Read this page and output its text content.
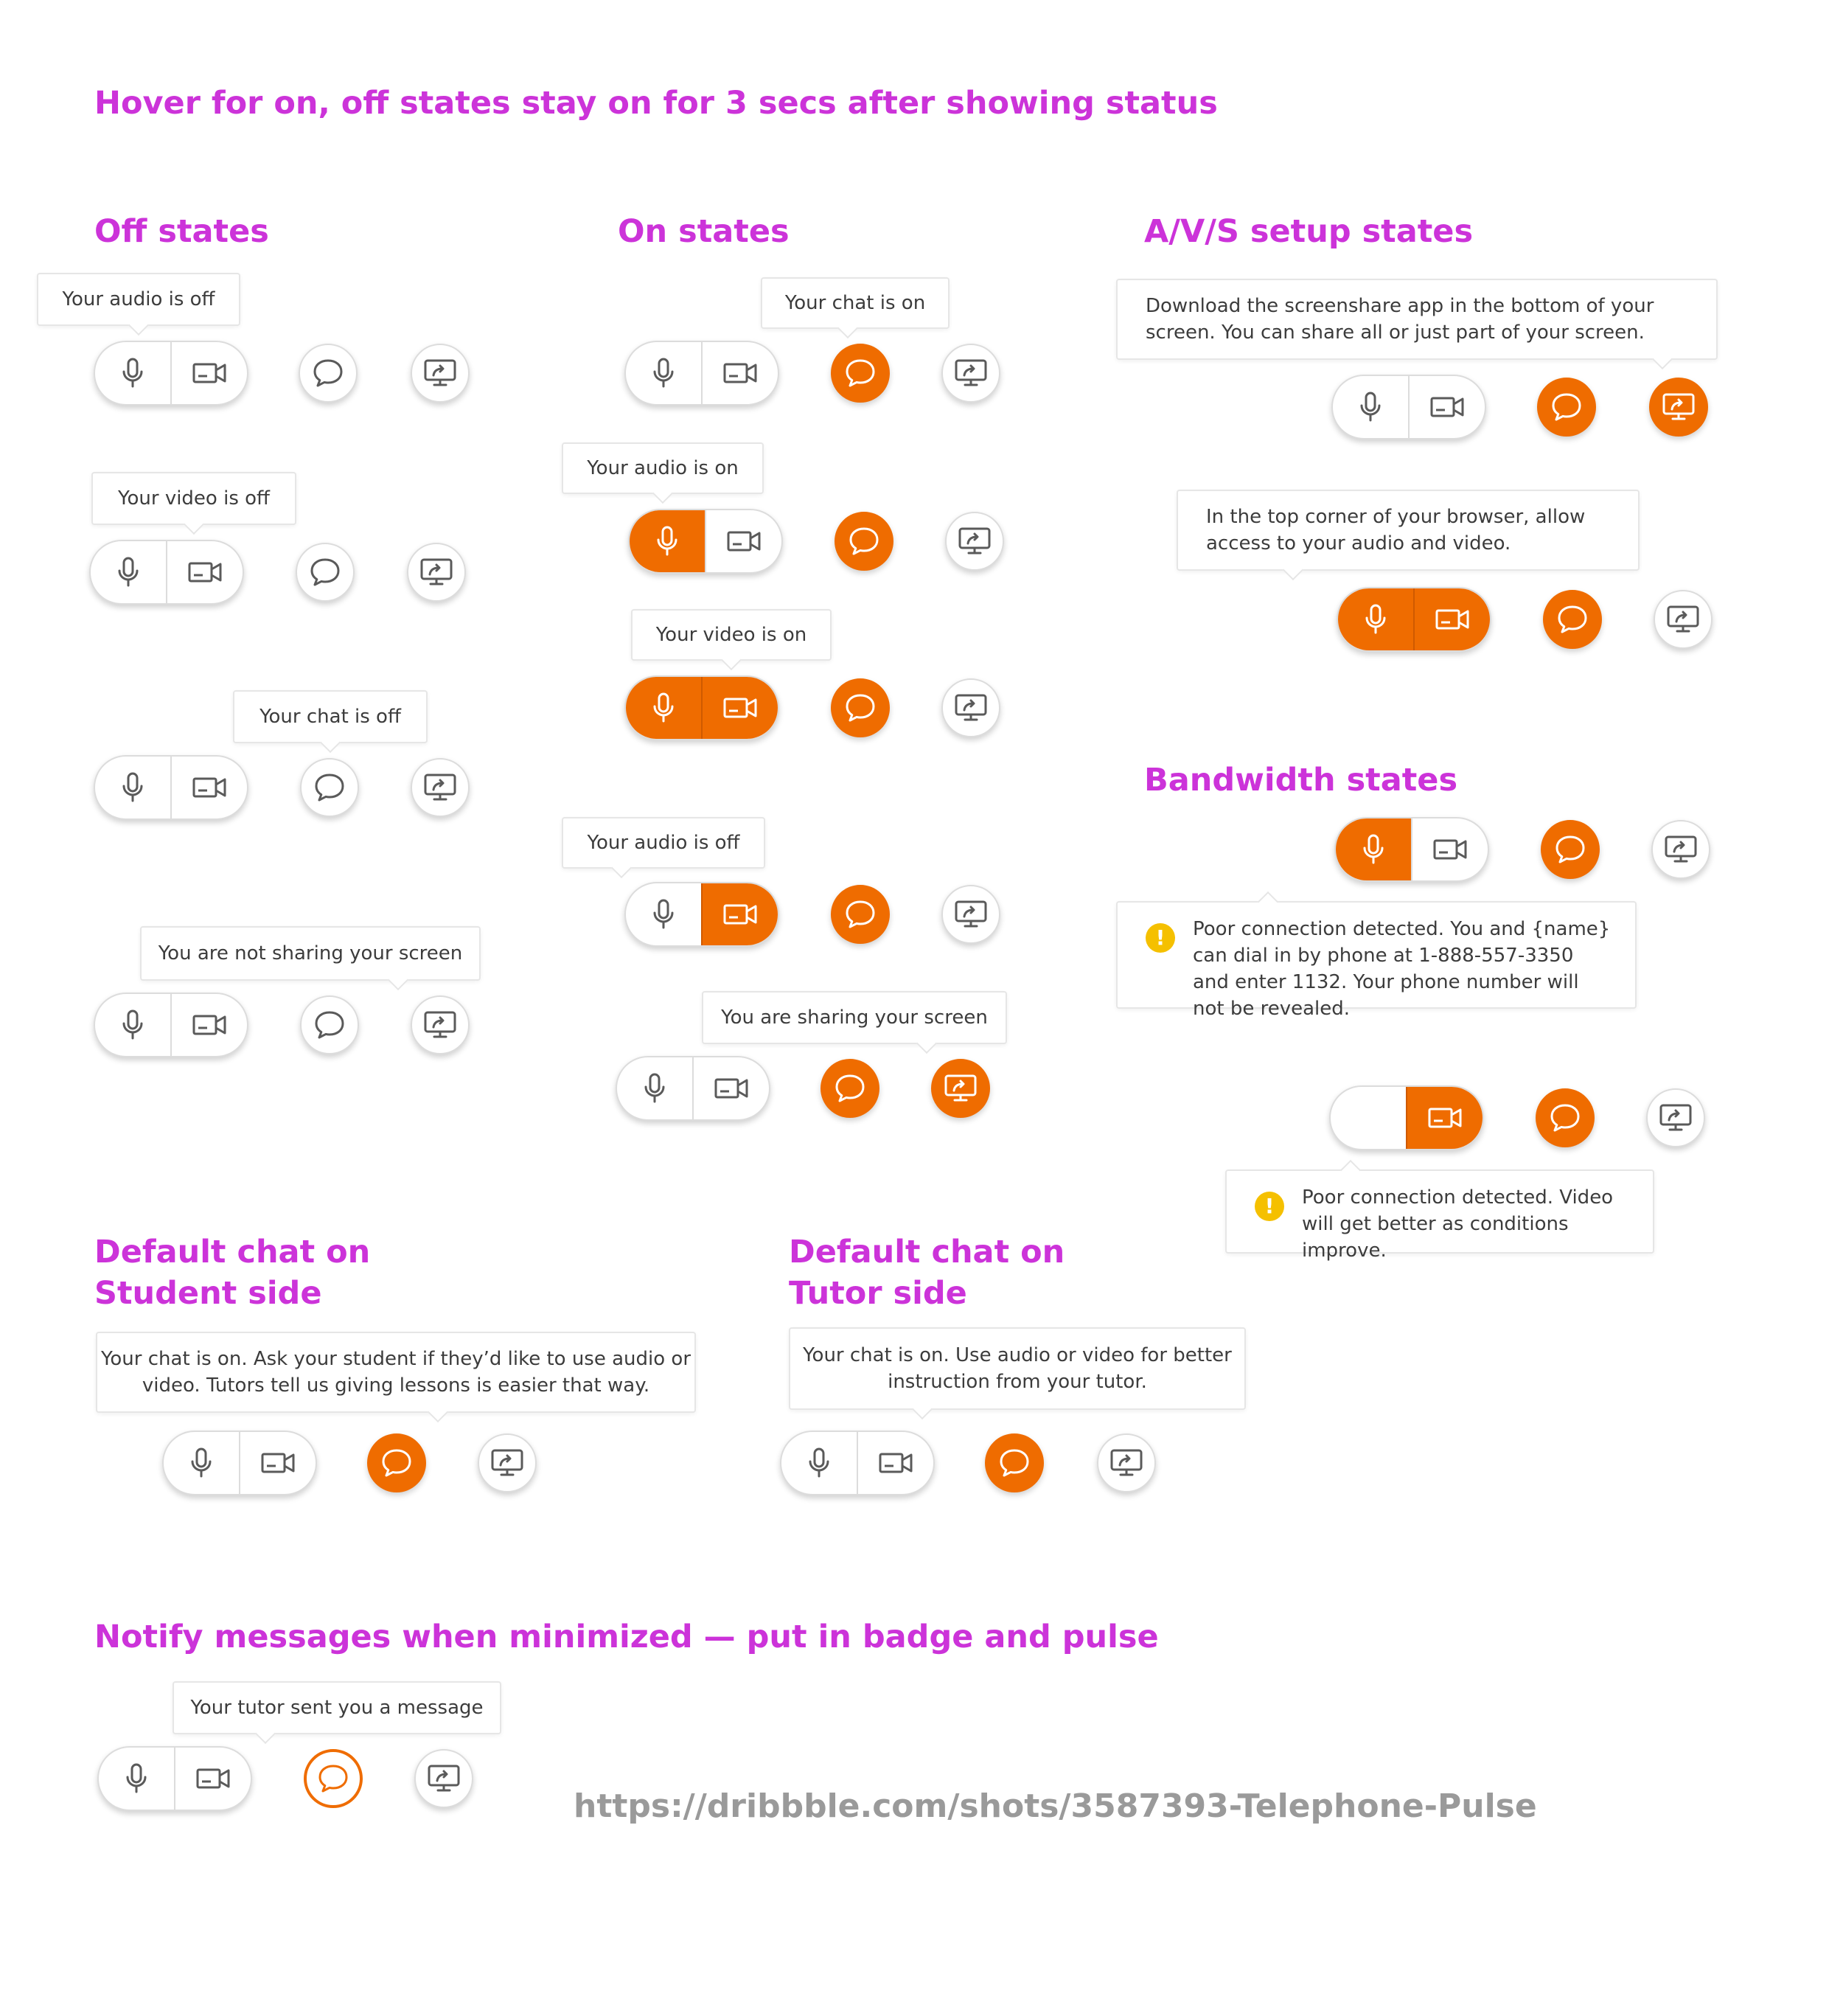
Hover for on, off states stay on for 3 secs after showing status
Off states	On states	A/V/S setup states
Bandwidth states
Default chat on
Student side
Default chat on
Tutor side
Notify messages when minimized — put in badge and pulse
Your audio is off
Your video is off
Your chat is off
You are not sharing your screen
Your chat is on
Your audio is on
Your video is on
Your audio is off
You are sharing your screen
Download the screenshare app in the bottom of your screen. You can share all or just part of your screen.
In the top corner of your browser, allow access to your audio and video.
!	Poor connection detected. You and {name} can dial in by phone at 1-888-557-3350 and enter 1132. Your phone number will not be revealed.
!	Poor connection detected. Video will get better as conditions improve.
Your chat is on. Ask your student if they’d like to use audio or video. Tutors tell us giving lessons is easier that way.
Your chat is on. Use audio or video for better instruction from your tutor.
Your tutor sent you a message

https://dribbble.com/shots/3587393-Telephone-Pulse
